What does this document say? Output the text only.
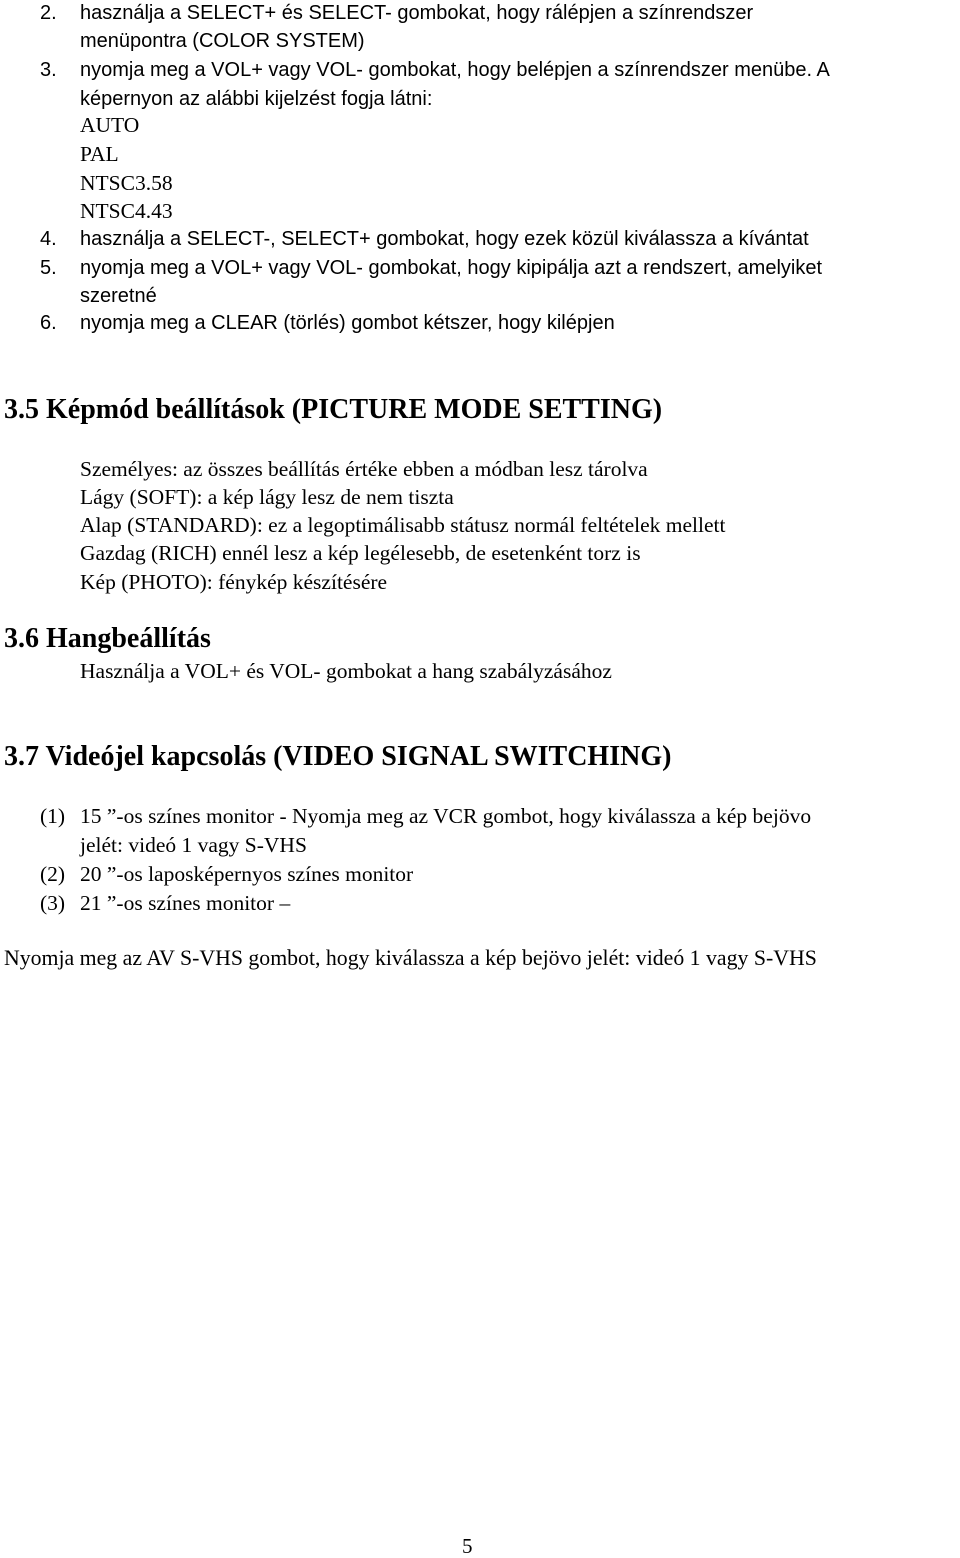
2. használja a SELECT+ és SELECT- gombokat, hogy rálépjen a színrendszer
menüpontra (COLOR SYSTEM)
3. nyomja meg a VOL+ vagy VOL- gombokat, hogy belépjen a színrendszer menübe. A
képernyon az alábbi kijelzést fogja látni:
AUTO
PAL
NTSC3.58
NTSC4.43
4. használja a SELECT-, SELECT+ gombokat, hogy ezek közül kiválassza a kívántat
5. nyomja meg a VOL+ vagy VOL- gombokat, hogy kipipálja azt a rendszert, amelyiket
szeretné
6. nyomja meg a CLEAR (törlés) gombot kétszer, hogy kilépjen
3.5 Képmód beállítások (PICTURE MODE SETTING)
Személyes: az összes beállítás értéke ebben a módban lesz tárolva
Lágy (SOFT): a kép lágy lesz de nem tiszta
Alap (STANDARD): ez a legoptimálisabb státusz normál feltételek mellett
Gazdag (RICH) ennél lesz a kép legélesebb, de esetenként torz is
Kép (PHOTO): fénykép készítésére
3.6 Hangbeállítás
Használja a VOL+ és VOL- gombokat a hang szabályzásához
3.7 Videójel kapcsolás (VIDEO SIGNAL SWITCHING)
(1) 15 ”-os színes monitor - Nyomja meg az VCR gombot, hogy kiválassza a kép bejövo
jelét: videó 1 vagy S-VHS
(2) 20 ”-os laposképernyos színes monitor
(3) 21 ”-os színes monitor –
Nyomja meg az AV S-VHS gombot, hogy kiválassza a kép bejövo jelét: videó 1 vagy S-VHS
5
